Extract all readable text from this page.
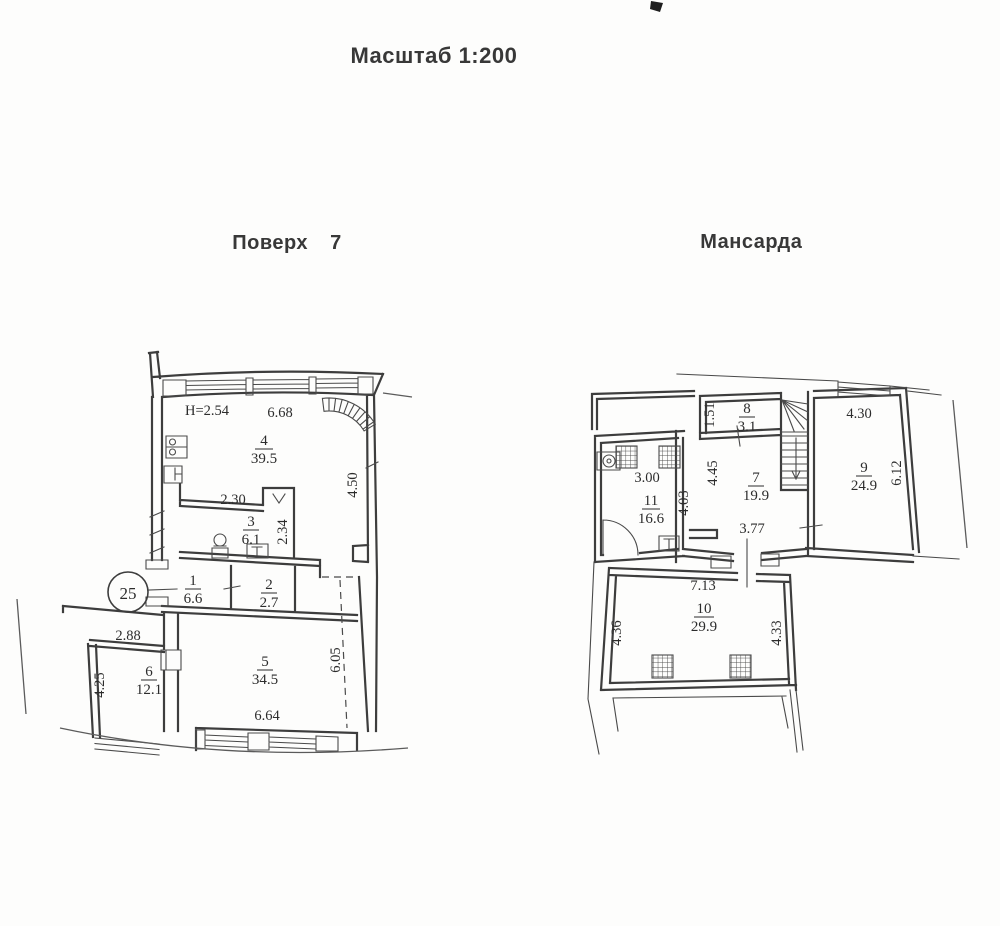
Масштаб 1:200

Поверх 7
	Мансарда

25
4
39.5
3
6.1
1
6.6
2
2.7
6
12.1
5
34.5
Н=2.54	6.68
2.30
2.88
6.64
4.50
2.34
4.25
6.05
8
3.1
9
24.9
7
19.9
11
16.6
10
29.9
4.30
3.77
3.00
7.13
1.51
6.12
4.45
4.03
4.36	4.33
